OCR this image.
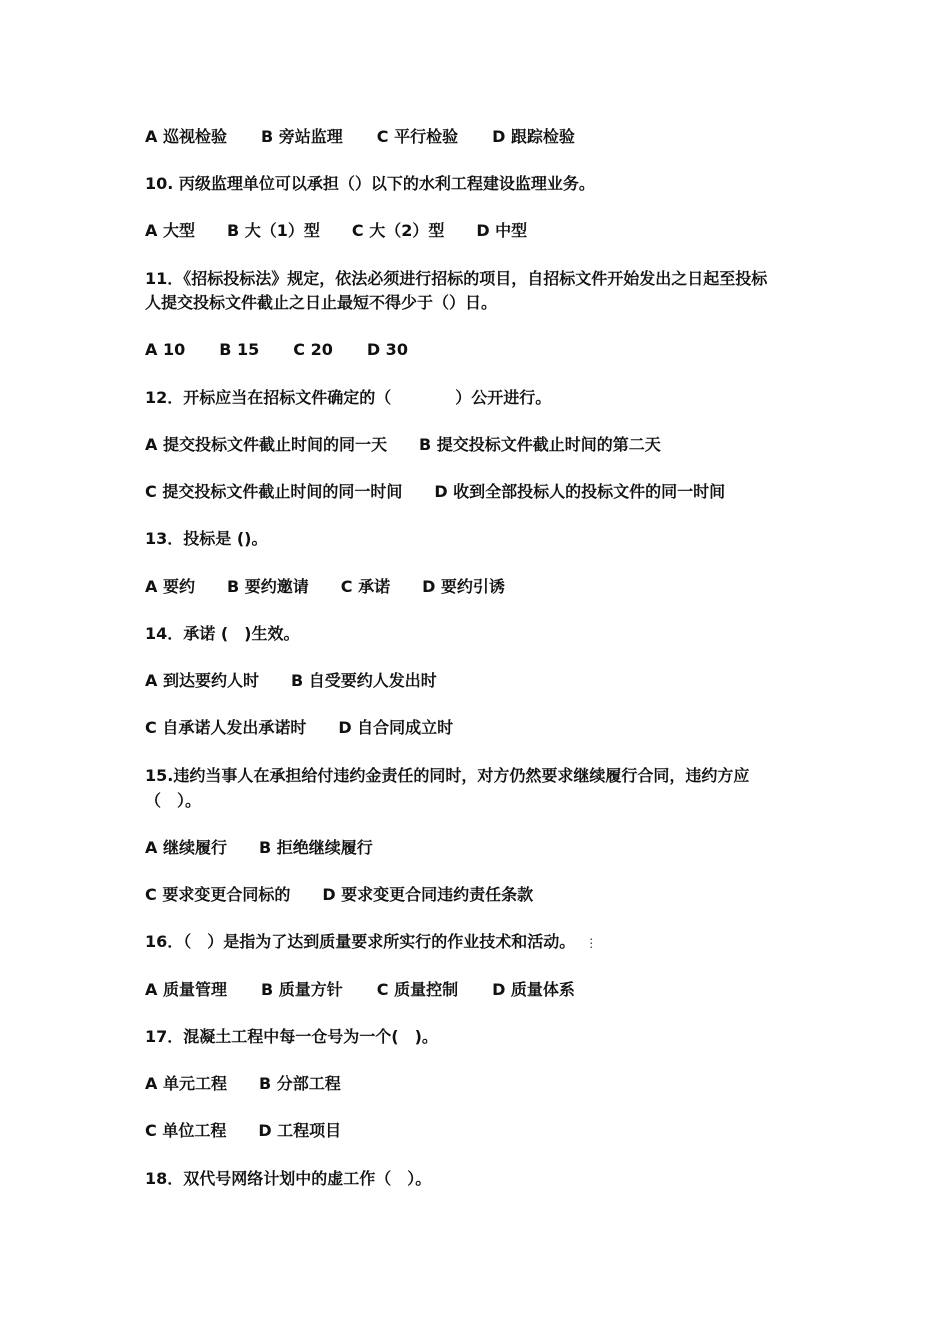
A 巡视检验 B 旁站监理 C 平行检验 D 跟踪检验
10. 丙级监理单位可以承担（）以下的水利工程建设监理业务。
A 大型 B 大（1）型 C 大（2）型 D 中型
11．《招标投标法》规定，依法必须进行招标的项目，自招标文件开始发出之日起至投标
人提交投标文件截止之日止最短不得少于（）日。
A 10 B 15 C 20 D 30
12．开标应当在招标文件确定的（　　　　）公开进行。
A 提交投标文件截止时间的同一天 B 提交投标文件截止时间的第二天
C 提交投标文件截止时间的同一时间 D 收到全部投标人的投标文件的同一时间
13．投标是 ()。
A 要约 B 要约邀请 C 承诺 D 要约引诱
14．承诺 (　)生效。
A 到达要约人时 B 自受要约人发出时
C 自承诺人发出承诺时 D 自合同成立时
15.违约当事人在承担给付违约金责任的同时，对方仍然要求继续履行合同，违约方应
（　）。
A 继续履行 B 拒绝继续履行
C 要求变更合同标的 D 要求变更合同违约责任条款
16．（　）是指为了达到质量要求所实行的作业技术和活动。 ⋮
A 质量管理 B 质量方针 C 质量控制 D 质量体系
17．混凝土工程中每一仓号为一个(　)。
A 单元工程 B 分部工程
C 单位工程 D 工程项目
18．双代号网络计划中的虚工作（　）。
